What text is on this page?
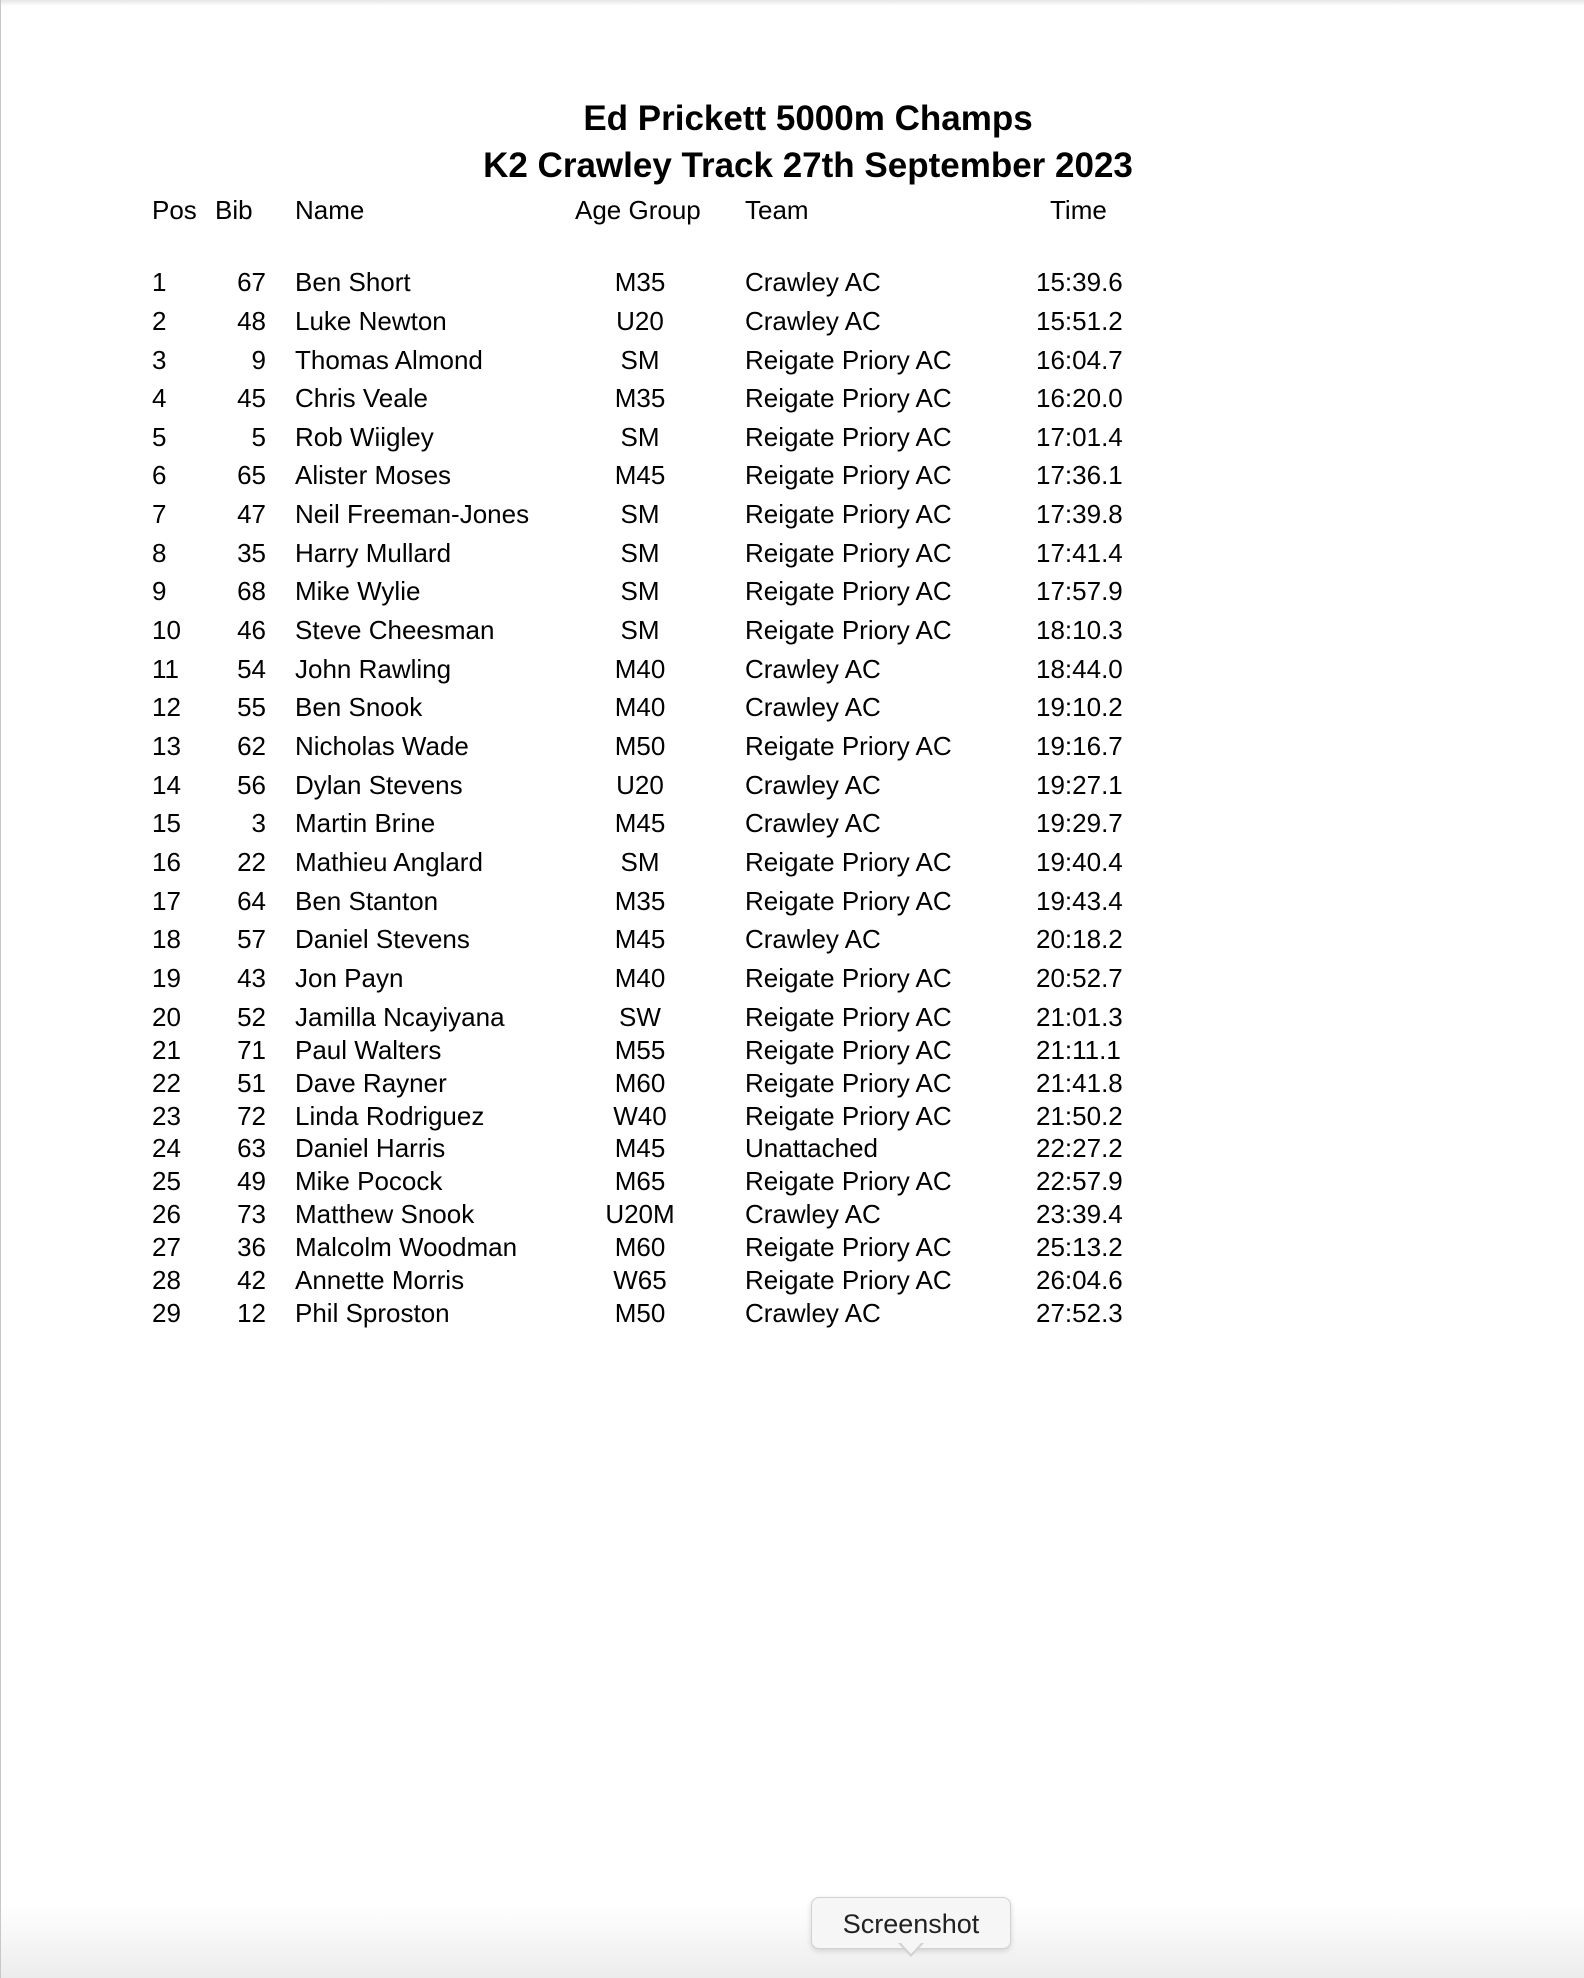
Ed Prickett 5000m Champs
K2 Crawley Track 27th September 2023
Pos Bib Name	Age Group Team	Time
1	67 Ben Short	M35	Crawley AC	15:39.6
2	48 Luke Newton	U20	Crawley AC	15:51.2
3	9 Thomas Almond	SM	Reigate Priory AC	16:04.7
4	45 Chris Veale	M35	Reigate Priory AC	16:20.0
5	5 Rob Wiigley	SM	Reigate Priory AC	17:01.4
6	65 Alister Moses	M45	Reigate Priory AC	17:36.1
7	47 Neil Freeman-Jones	SM	Reigate Priory AC	17:39.8
8	35 Harry Mullard	SM	Reigate Priory AC	17:41.4
9	68 Mike Wylie	SM	Reigate Priory AC	17:57.9
10	46 Steve Cheesman	SM	Reigate Priory AC	18:10.3
11	54 John Rawling	M40	Crawley AC	18:44.0
12	55 Ben Snook	M40	Crawley AC	19:10.2
13	62 Nicholas Wade	M50	Reigate Priory AC	19:16.7
14	56 Dylan Stevens	U20	Crawley AC	19:27.1
15	3 Martin Brine	M45	Crawley AC	19:29.7
16	22 Mathieu Anglard	SM	Reigate Priory AC	19:40.4
17	64 Ben Stanton	M35	Reigate Priory AC	19:43.4
18	57 Daniel Stevens	M45	Crawley AC	20:18.2
19	43 Jon Payn	M40	Reigate Priory AC	20:52.7
20	52 Jamilla Ncayiyana	SW	Reigate Priory AC	21:01.3
21	71 Paul Walters	M55	Reigate Priory AC	21:11.1
22	51 Dave Rayner	M60	Reigate Priory AC	21:41.8
23	72 Linda Rodriguez	W40	Reigate Priory AC	21:50.2
24	63 Daniel Harris	M45	Unattached	22:27.2
25	49 Mike Pocock	M65	Reigate Priory AC	22:57.9
26	73 Matthew Snook	U20M	Crawley AC	23:39.4
27	36 Malcolm Woodman	M60	Reigate Priory AC	25:13.2
28	42 Annette Morris	W65	Reigate Priory AC	26:04.6
29	12 Phil Sproston	M50	Crawley AC	27:52.3
Screenshot
